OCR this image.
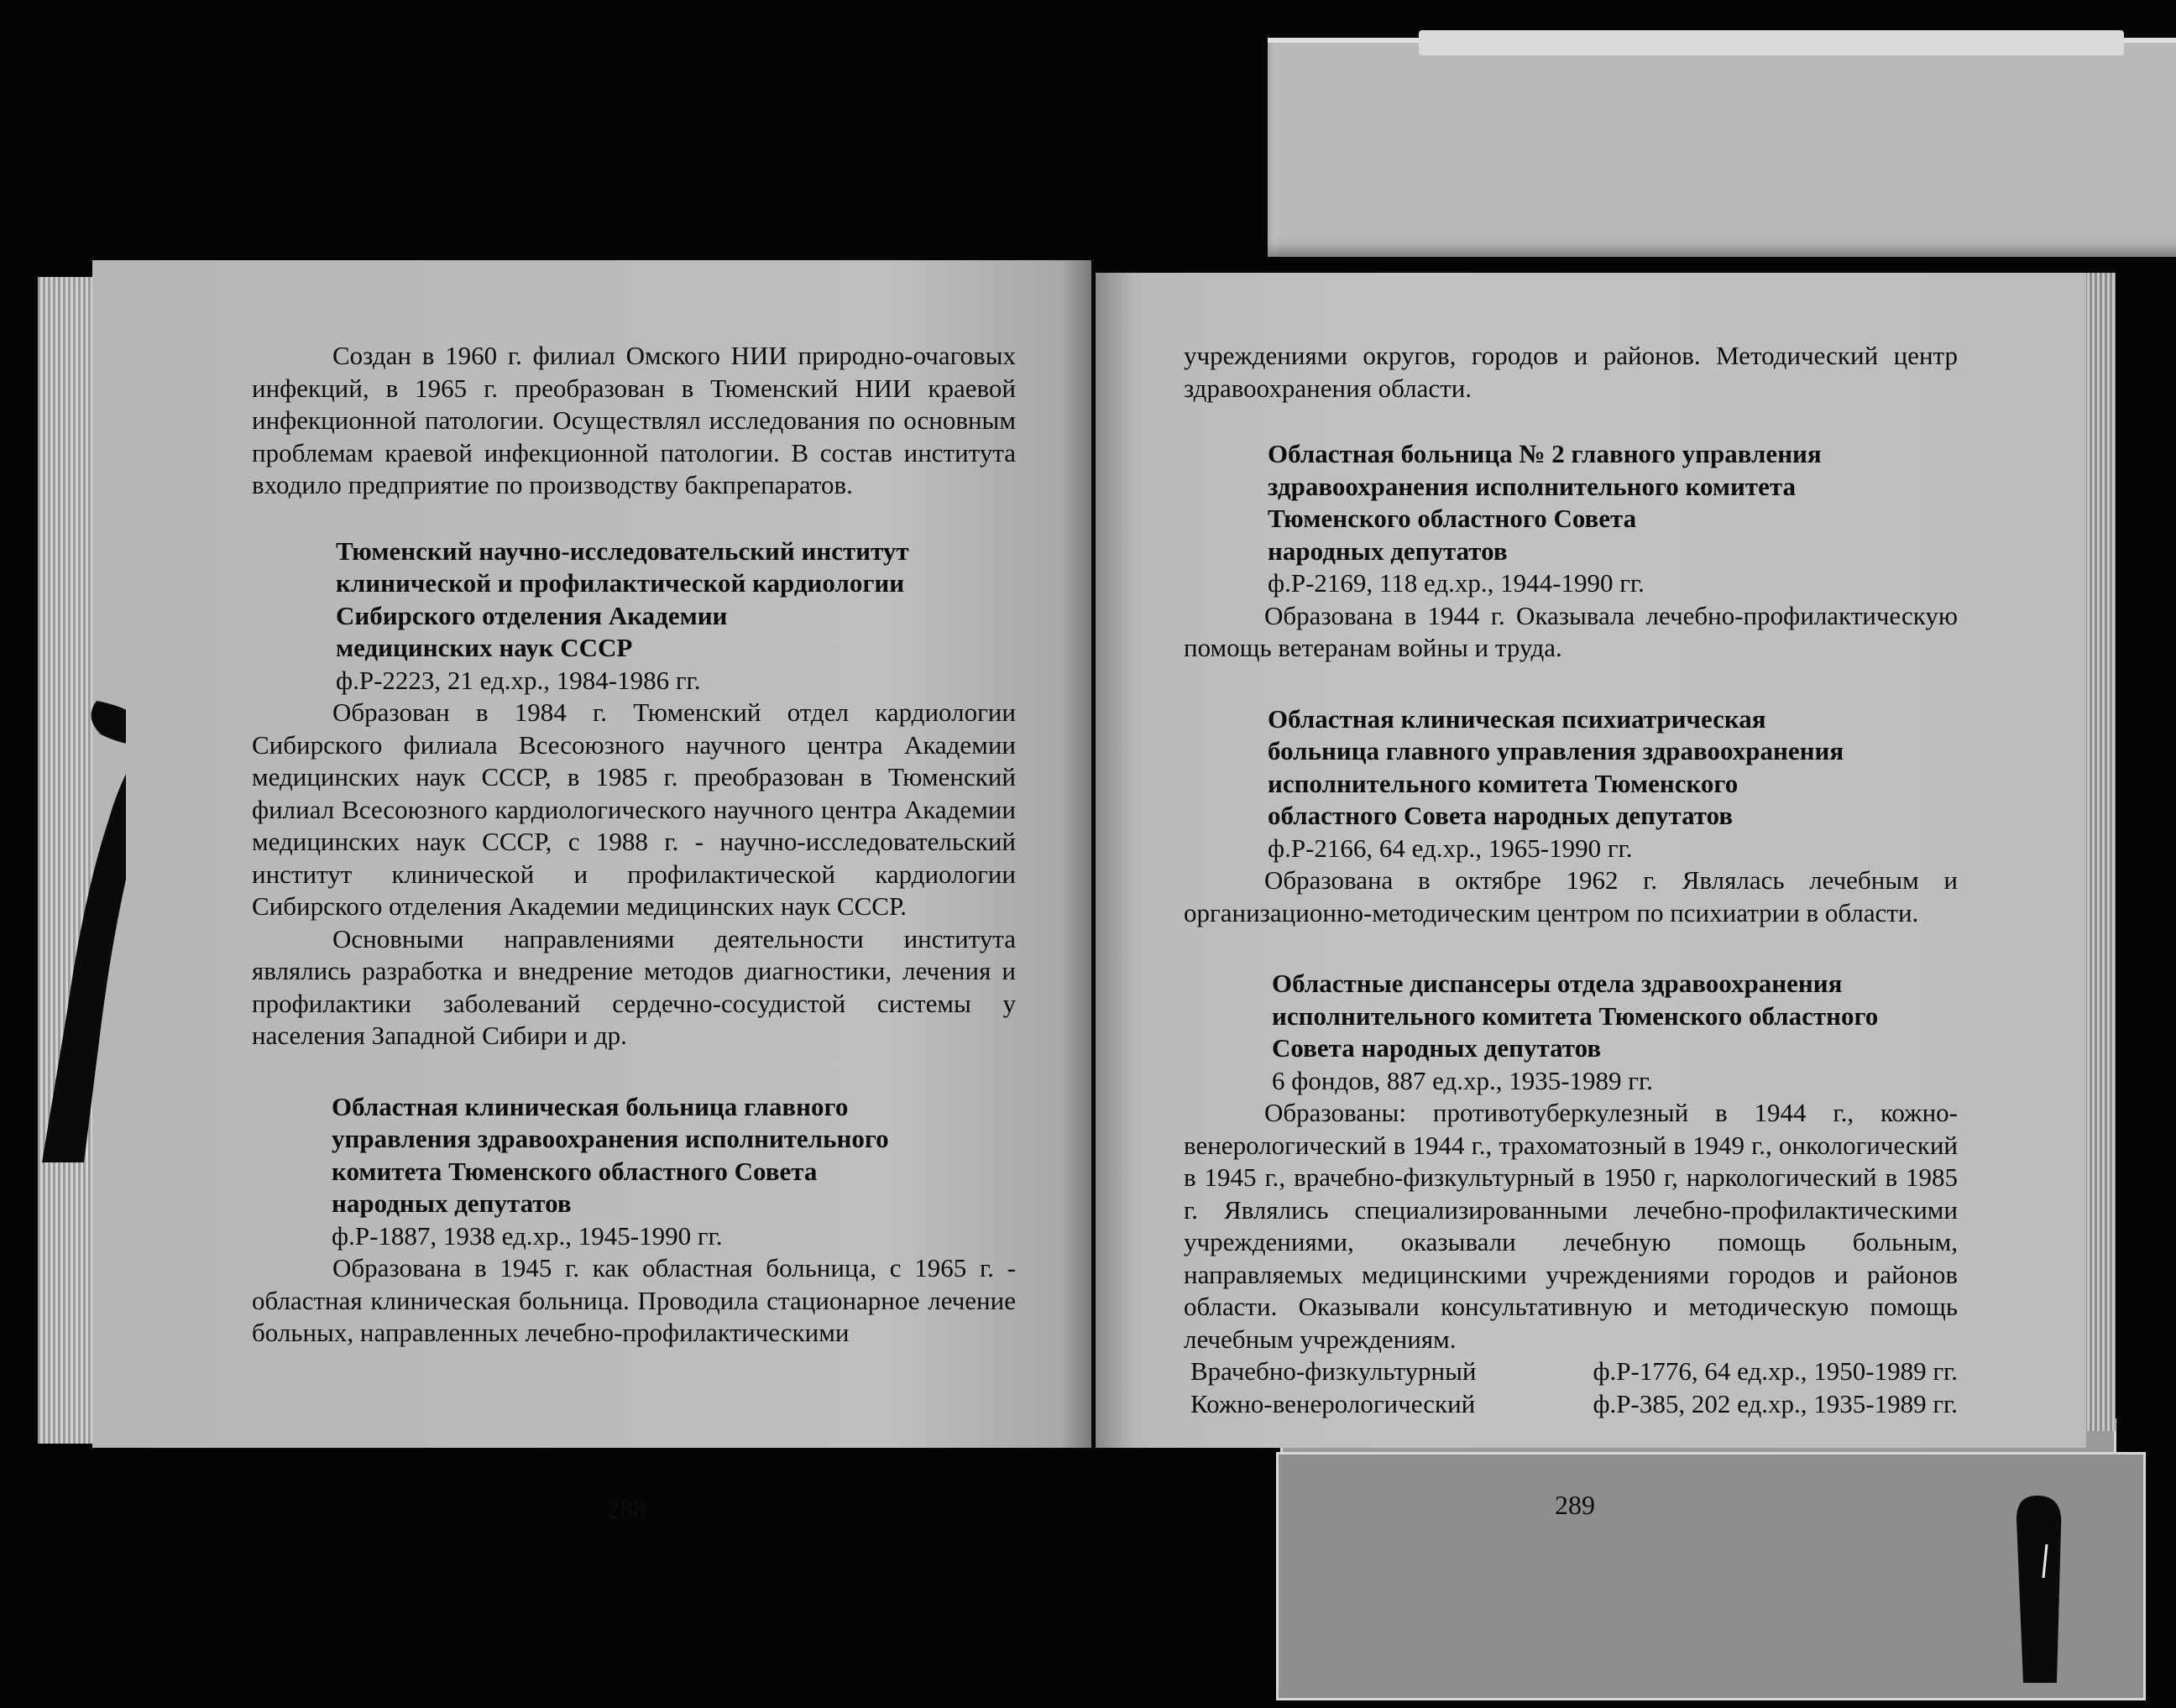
Создан в 1960 г. филиал Омского НИИ природно-очаговых инфекций, в 1965 г. преобразован в Тюменский НИИ краевой инфекционной патологии. Осуществлял исследования по основным проблемам краевой инфекционной патологии. В состав института входило предприятие по производству бакпрепаратов.

Тюменский научно-исследовательский институт

клинической и профилактической кардиологии

Сибирского отделения Академии

медицинских наук СССР

ф.Р-2223, 21 ед.хр., 1984-1986 гг.

Образован в 1984 г. Тюменский отдел кардиологии Сибирского филиала Всесоюзного научного центра Академии медицинских наук СССР, в 1985 г. преобразован в Тюменский филиал Всесоюзного кардиологического научного центра Академии медицинских наук СССР, с 1988 г. - научно-исследовательский институт клинической и профилактической кардиологии Сибирского отделения Академии медицинских наук СССР.

Основными направлениями деятельности института являлись разработка и внедрение методов диагностики, лечения и профилактики заболеваний сердечно-сосудистой системы у населения Западной Сибири и др.

Областная клиническая больница главного

управления здравоохранения исполнительного

комитета Тюменского областного Совета

народных депутатов

ф.Р-1887, 1938 ед.хр., 1945-1990 гг.

Образована в 1945 г. как областная больница, с 1965 г. - областная клиническая больница. Проводила стационарное лечение больных, направленных лечебно-профилактическими

288

учреждениями округов, городов и районов. Методический центр здравоохранения области.

Областная больница № 2 главного управления

здравоохранения исполнительного комитета

Тюменского областного Совета

народных депутатов

ф.Р-2169, 118 ед.хр., 1944-1990 гг.

Образована в 1944 г. Оказывала лечебно-профилактическую помощь ветеранам войны и труда.

Областная клиническая психиатрическая

больница главного управления здравоохранения

исполнительного комитета Тюменского

областного Совета народных депутатов

ф.Р-2166, 64 ед.хр., 1965-1990 гг.

Образована в октябре 1962 г. Являлась лечебным и организационно-методическим центром по психиатрии в области.

Областные диспансеры отдела здравоохранения

исполнительного комитета Тюменского областного

Совета народных депутатов

6 фондов, 887 ед.хр., 1935-1989 гг.

Образованы: противотуберкулезный в 1944 г., кожно-венерологический в 1944 г., трахоматозный в 1949 г., онкологический в 1945 г., врачебно-физкультурный в 1950 г, наркологический в 1985 г. Являлись специализированными лечебно-профилактическими учреждениями, оказывали лечебную помощь больным, направляемых медицинскими учреждениями городов и районов области. Оказывали консультативную и методическую помощь лечебным учреждениям.

Врачебно-физкультурный	ф.Р-1776, 64 ед.хр., 1950-1989 гг.
Кожно-венерологический	ф.Р-385, 202 ед.хр., 1935-1989 гг.
289
